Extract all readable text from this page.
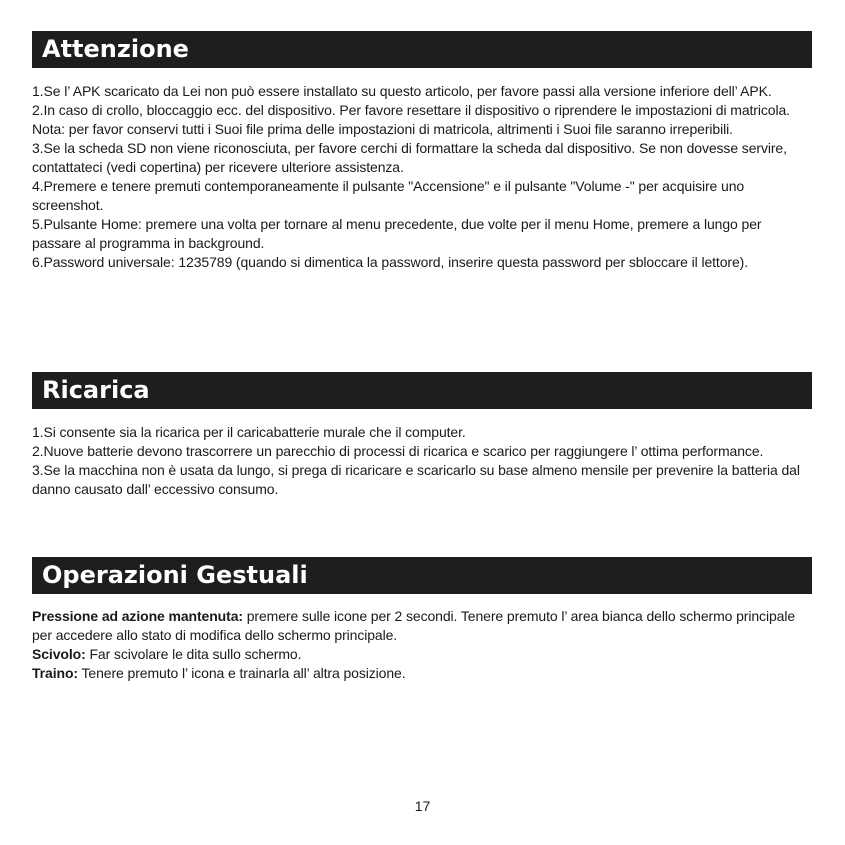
Attenzione

1.Se l’ APK scaricato da Lei non può essere installato su questo articolo, per favore passi alla versione inferiore dell’ APK.

2.In caso di crollo, bloccaggio ecc. del dispositivo. Per favore resettare il dispositivo o riprendere le impostazioni di matricola. Nota: per favor conservi tutti i Suoi file prima delle impostazioni di matricola, altrimenti i Suoi file saranno irreperibili.

3.Se la scheda SD non viene riconosciuta, per favore cerchi di formattare la scheda dal dispositivo. Se non dovesse servire, contattateci (vedi copertina) per ricevere ulteriore assistenza.

4.Premere e tenere premuti contemporaneamente il pulsante "Accensione" e il pulsante "Volume -" per acquisire uno screenshot.

5.Pulsante Home: premere una volta per tornare al menu precedente, due volte per il menu Home, premere a lungo per passare al programma in background.

6.Password universale: 1235789 (quando si dimentica la password, inserire questa password per sbloccare il lettore).

Ricarica

1.Si consente sia la ricarica per il caricabatterie murale che il computer.

2.Nuove batterie devono trascorrere un parecchio di processi di ricarica e scarico per raggiungere l’ ottima performance.

3.Se la macchina non è usata da lungo, si prega di ricaricare e scaricarlo su base almeno mensile per prevenire la batteria dal danno causato dall’ eccessivo consumo.

Operazioni Gestuali

Pressione ad azione mantenuta: premere sulle icone per 2 secondi. Tenere premuto l’ area bianca dello schermo principale per accedere allo stato di modifica dello schermo principale.

Scivolo: Far scivolare le dita sullo schermo.

Traino: Tenere premuto l’ icona e trainarla all’ altra posizione.

17
